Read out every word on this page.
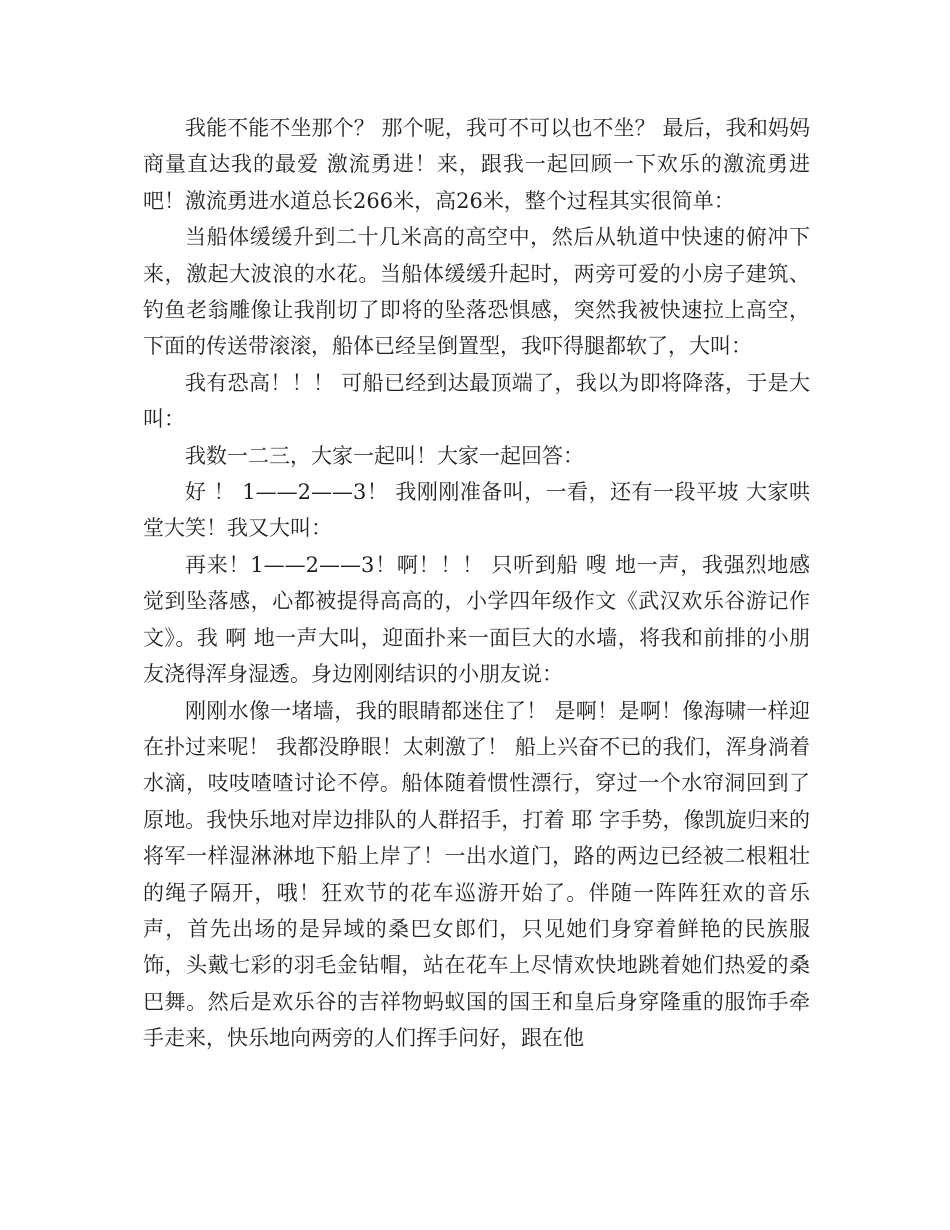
我能不能不坐那个？ 那个呢，我可不可以也不坐？ 最后，我和妈妈商量直达我的最爱 激流勇进！来，跟我一起回顾一下欢乐的激流勇进吧！激流勇进水道总长266米，高26米，整个过程其实很简单：

当船体缓缓升到二十几米高的高空中，然后从轨道中快速的俯冲下来，激起大波浪的水花。当船体缓缓升起时，两旁可爱的小房子建筑、钓鱼老翁雕像让我削切了即将的坠落恐惧感，突然我被快速拉上高空，下面的传送带滚滚，船体已经呈倒置型，我吓得腿都软了，大叫：

我有恐高！！！ 可船已经到达最顶端了，我以为即将降落，于是大叫：

我数一二三，大家一起叫！大家一起回答：

好 ！ 1——2——3！ 我刚刚准备叫，一看，还有一段平坡 大家哄堂大笑！我又大叫：

再来！1——2——3！啊！！！ 只听到船 嗖 地一声，我强烈地感觉到坠落感，心都被提得高高的，小学四年级作文《武汉欢乐谷游记作文》。我 啊 地一声大叫，迎面扑来一面巨大的水墙，将我和前排的小朋友浇得浑身湿透。身边刚刚结识的小朋友说：

刚刚水像一堵墙，我的眼睛都迷住了！ 是啊！是啊！像海啸一样迎在扑过来呢！ 我都没睁眼！太刺激了！ 船上兴奋不已的我们，浑身淌着水滴，吱吱喳喳讨论不停。船体随着惯性漂行，穿过一个水帘洞回到了原地。我快乐地对岸边排队的人群招手，打着 耶 字手势，像凯旋归来的将军一样湿淋淋地下船上岸了！一出水道门，路的两边已经被二根粗壮的绳子隔开，哦！狂欢节的花车巡游开始了。伴随一阵阵狂欢的音乐声，首先出场的是异域的桑巴女郎们，只见她们身穿着鲜艳的民族服饰，头戴七彩的羽毛金钻帽，站在花车上尽情欢快地跳着她们热爱的桑巴舞。然后是欢乐谷的吉祥物蚂蚁国的国王和皇后身穿隆重的服饰手牵手走来，快乐地向两旁的人们挥手问好，跟在他
